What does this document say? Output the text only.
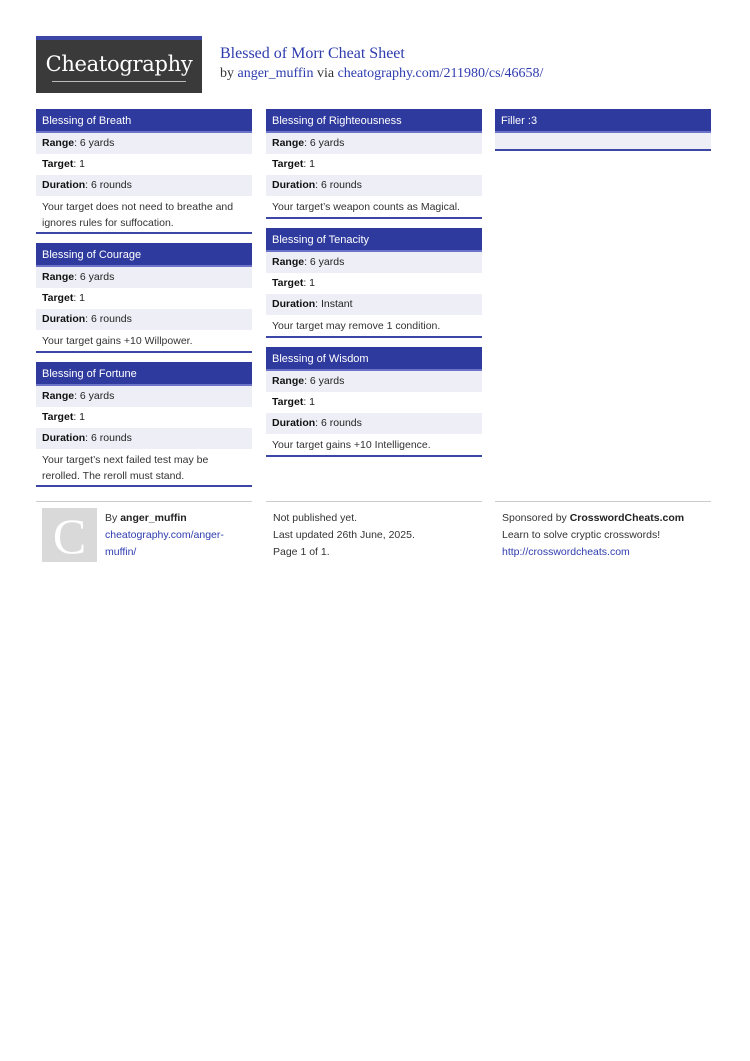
Cheatography	Blessed of Morr Cheat Sheet
by anger_muffin via cheatography.com/211980/cs/46658/
Blessing of Breath
Range: 6 yards
Target: 1
Duration: 6 rounds
Your target does not need to breathe and ignores rules for suffocation.
Blessing of Courage
Range: 6 yards
Target: 1
Duration: 6 rounds
Your target gains +10 Willpower.
Blessing of Fortune
Range: 6 yards
Target: 1
Duration: 6 rounds
Your target’s next failed test may be rerolled. The reroll must stand.
Blessing of Righteousness
Range: 6 yards
Target: 1
Duration: 6 rounds
Your target’s weapon counts as Magical.
Blessing of Tenacity
Range: 6 yards
Target: 1
Duration: Instant
Your target may remove 1 condition.
Blessing of Wisdom
Range: 6 yards
Target: 1
Duration: 6 rounds
Your target gains +10 Intelligence.
Filler :3
C	By anger_muffin
cheatography.com/anger-muffin/
Not published yet.
Last updated 26th June, 2025.
Page 1 of 1.
Sponsored by CrosswordCheats.com
Learn to solve cryptic crosswords!
http://crosswordcheats.com
